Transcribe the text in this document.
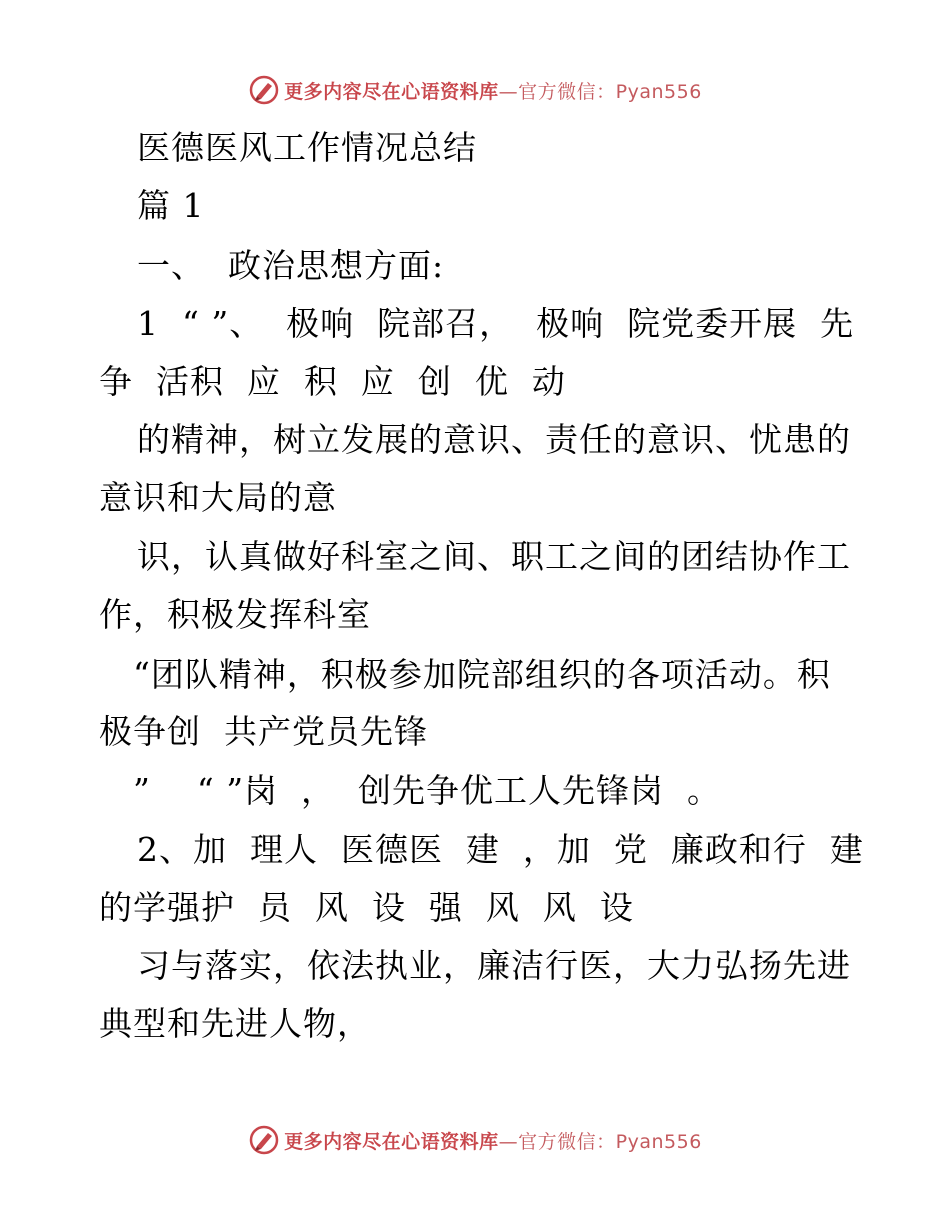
更多内容尽在心语资料库—官方微信：Pyan556
医德医风工作情况总结
篇 1
一、  政治思想方面:
1  “ ”、  极响  院部召，  极响  院党委开展  先
争  活积  应  积  应  创  优  动
的精神，树立发展的意识、责任的意识、忧患的
意识和大局的意
识，认真做好科室之间、职工之间的团结协作工
作，积极发挥科室
“团队精神，积极参加院部组织的各项活动。积
极争创  共产党员先锋
”    “ ”岗  ，  创先争优工人先锋岗  。
2、加  理人  医德医  建  ，加  党  廉政和行  建
的学强护  员  风  设  强  风  风  设
习与落实，依法执业，廉洁行医，大力弘扬先进
典型和先进人物，
更多内容尽在心语资料库—官方微信：Pyan556
